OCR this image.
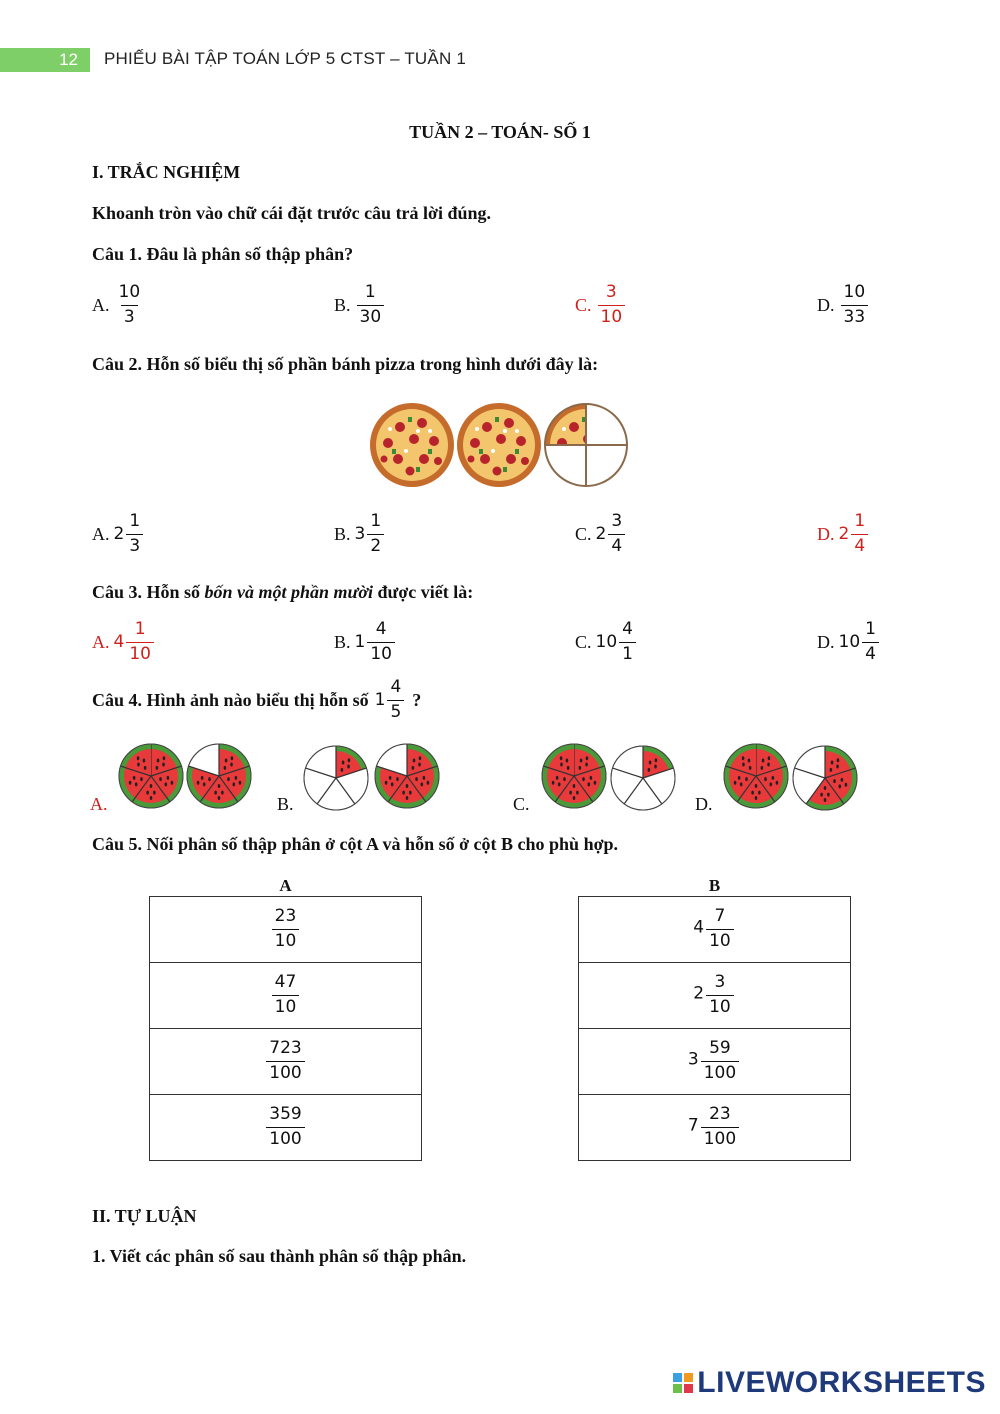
12	PHIẾU BÀI TẬP TOÁN LỚP 5 CTST – TUẦN 1
TUẦN 2 – TOÁN- SỐ 1
I. TRẮC NGHIỆM
Khoanh tròn vào chữ cái đặt trước câu trả lời đúng.
Câu 1. Đâu là phân số thập phân?
A. $\frac{10}{3}$	B. $\frac{1}{30}$	C. $\frac{3}{10}$	D. $\frac{10}{33}$
Câu 2. Hỗn số biểu thị số phần bánh pizza trong hình dưới đây là:
A. $2 \frac{1}{3}$	B. $3 \frac{1}{2}$	C. $2 \frac{3}{4}$	D. $2 \frac{1}{4}$
Câu 3. Hỗn số bốn và một phần mười được viết là:
A. $4 \frac{1}{10}$	B. $1 \frac{4}{10}$	C. $10 \frac{4}{1}$	D. $10 \frac{1}{4}$
Câu 4. Hình ảnh nào biểu thị hỗn số $1 \frac{4}{5}$ ?
A.	B.	C.	D.
Câu 5. Nối phân số thập phân ở cột A và hỗn số ở cột B cho phù hợp.
A	B
$\frac{23}{10}$

$\frac{47}{10}$

$\frac{723}{100}$

$\frac{359}{100}$
$4 \frac{7}{10}$

$2 \frac{3}{10}$

$3 \frac{59}{100}$

$7 \frac{23}{100}$
II. TỰ LUẬN
1. Viết các phân số sau thành phân số thập phân.
LIVEWORKSHEETS
